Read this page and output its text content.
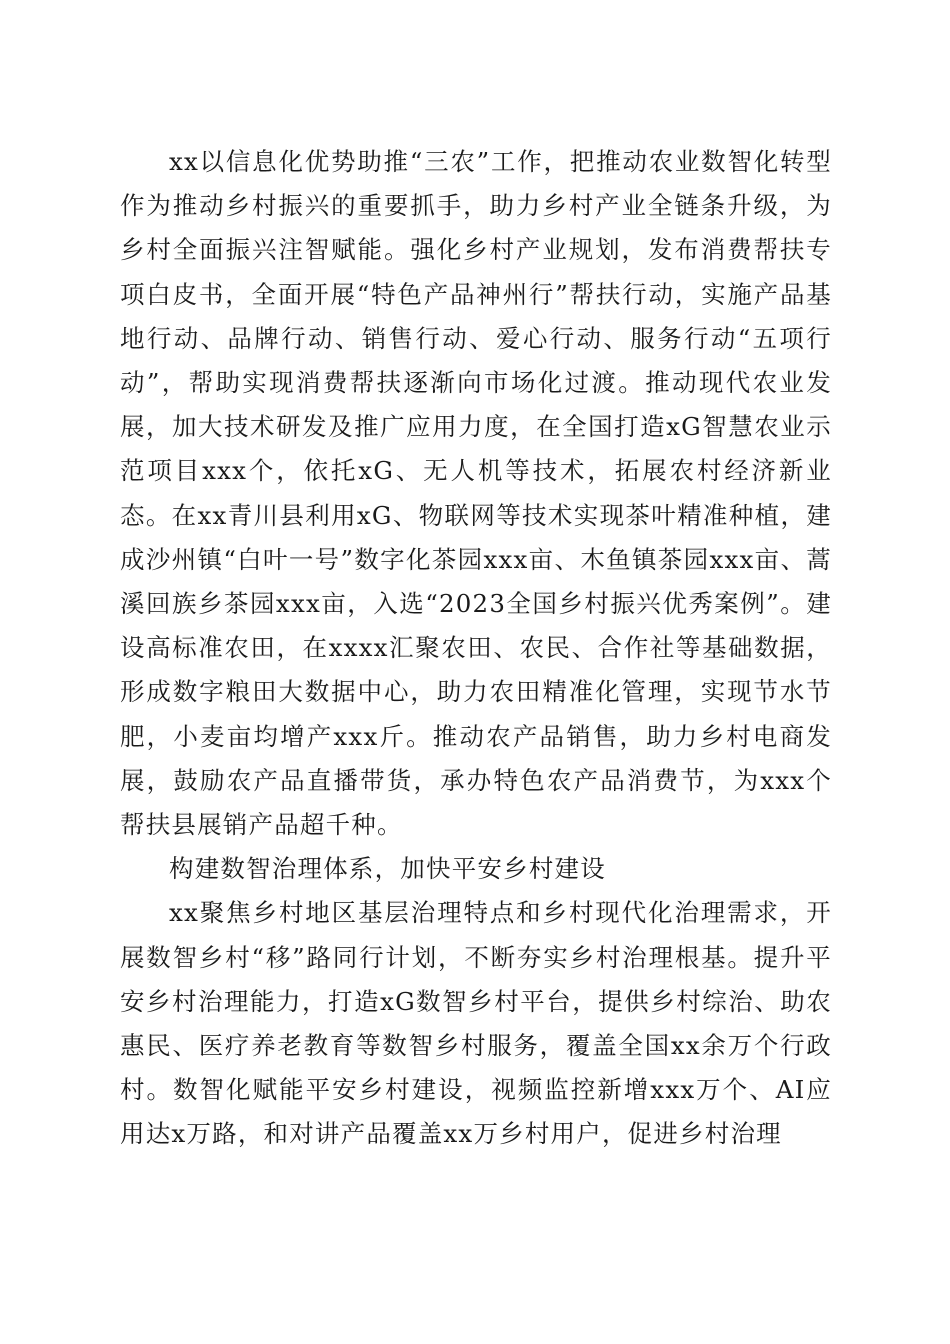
xx以信息化优势助推“三农”工作，把推动农业数智化转型作为推动乡村振兴的重要抓手，助力乡村产业全链条升级，为乡村全面振兴注智赋能。强化乡村产业规划，发布消费帮扶专项白皮书，全面开展“特色产品神州行”帮扶行动，实施产品基地行动、品牌行动、销售行动、爱心行动、服务行动“五项行动”，帮助实现消费帮扶逐渐向市场化过渡。推动现代农业发展，加大技术研发及推广应用力度，在全国打造xG智慧农业示范项目xxx个，依托xG、无人机等技术，拓展农村经济新业态。在xx青川县利用xG、物联网等技术实现茶叶精准种植，建成沙州镇“白叶一号”数字化茶园xxx亩、木鱼镇茶园xxx亩、蒿溪回族乡茶园xxx亩，入选“2023全国乡村振兴优秀案例”。建设高标准农田，在xxxx汇聚农田、农民、合作社等基础数据，形成数字粮田大数据中心，助力农田精准化管理，实现节水节肥，小麦亩均增产xxx斤。推动农产品销售，助力乡村电商发展，鼓励农产品直播带货，承办特色农产品消费节，为xxx个帮扶县展销产品超千种。

构建数智治理体系，加快平安乡村建设

xx聚焦乡村地区基层治理特点和乡村现代化治理需求，开展数智乡村“移”路同行计划，不断夯实乡村治理根基。提升平安乡村治理能力，打造xG数智乡村平台，提供乡村综治、助农惠民、医疗养老教育等数智乡村服务，覆盖全国xx余万个行政村。数智化赋能平安乡村建设，视频监控新增xxx万个、AI应用达x万路，和对讲产品覆盖xx万乡村用户，促进乡村治理
